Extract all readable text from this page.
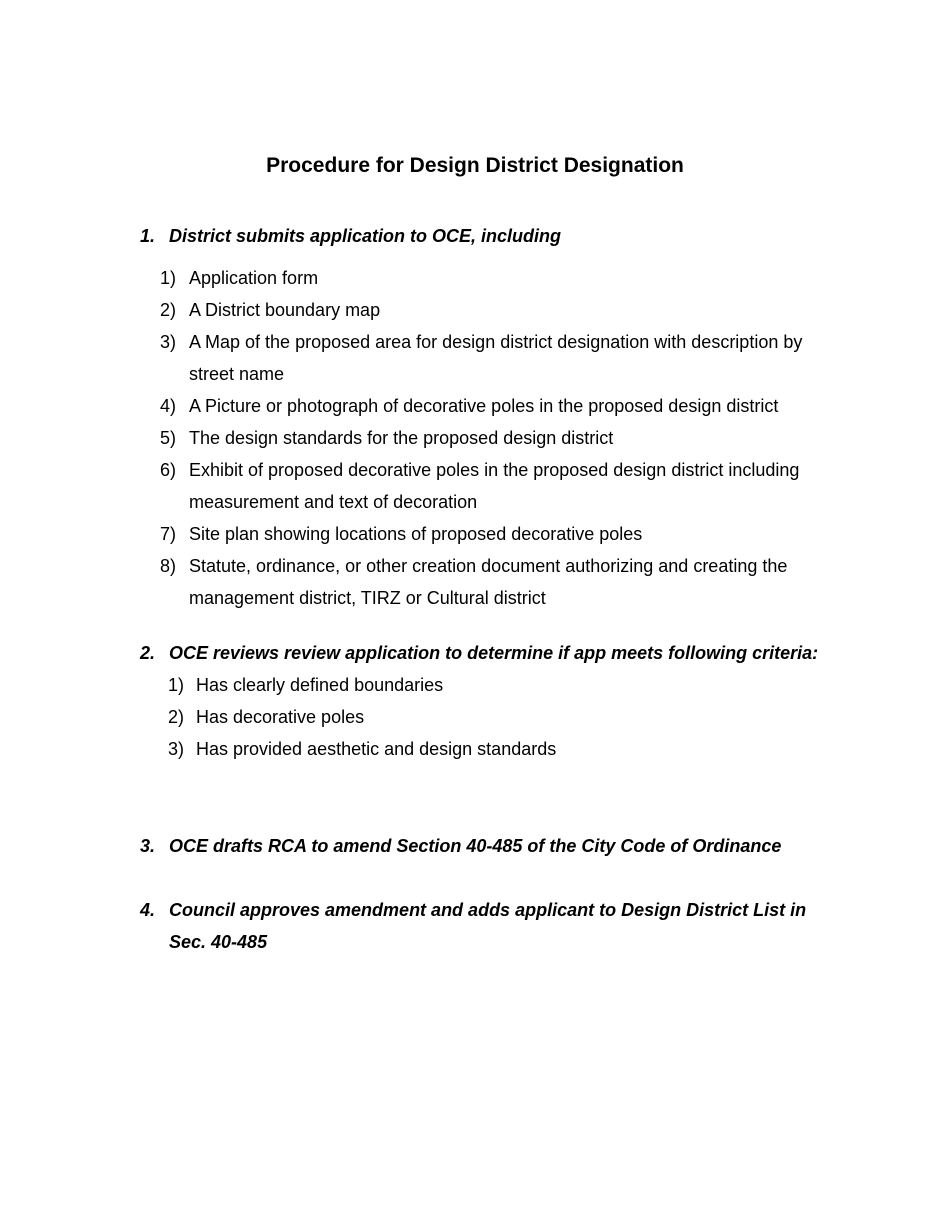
Procedure for Design District Designation
1. District submits application to OCE, including
1) Application form
2) A District boundary map
3) A Map of the proposed area for design district designation with description by street name
4) A Picture or photograph of decorative poles in the proposed design district
5) The design standards for the proposed design district
6) Exhibit of proposed decorative poles in the proposed design district including measurement and text of decoration
7) Site plan showing locations of proposed decorative poles
8) Statute, ordinance, or other creation document authorizing and creating the management district, TIRZ or Cultural district
2. OCE reviews review application to determine if app meets following criteria:
1) Has clearly defined boundaries
2) Has decorative poles
3) Has provided aesthetic and design standards
3. OCE drafts RCA to amend Section 40-485 of the City Code of Ordinance
4. Council approves amendment and adds applicant to Design District List in Sec. 40-485
